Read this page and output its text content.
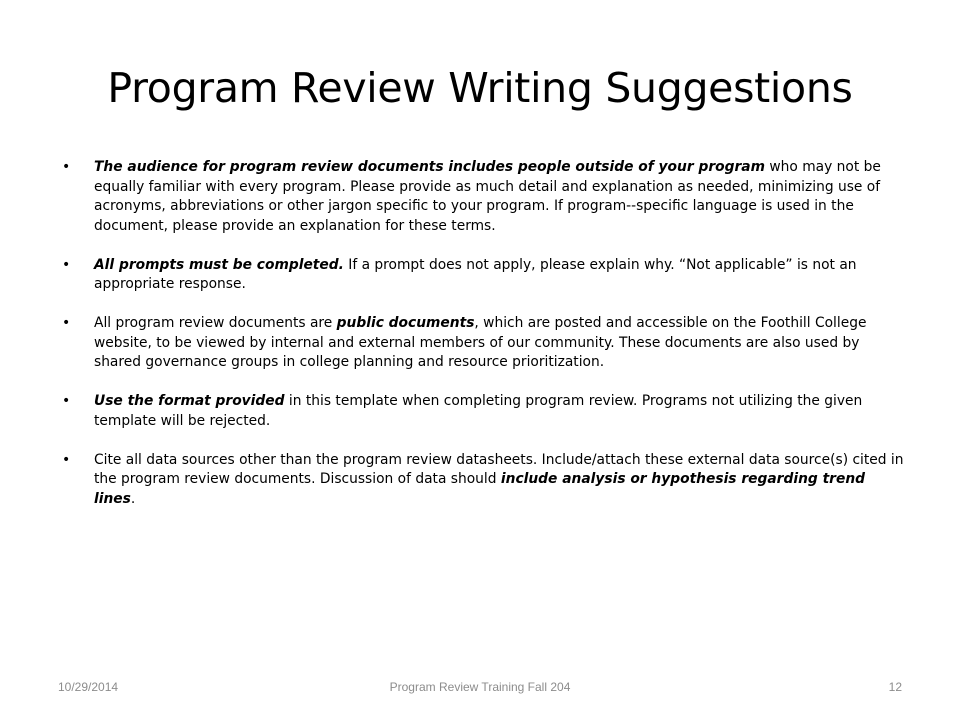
Program Review Writing Suggestions
• The audience for program review documents includes people outside of your program who may not be equally familiar with every program. Please provide as much detail and explanation as needed, minimizing use of acronyms, abbreviations or other jargon specific to your program. If program--specific language is used in the document, please provide an explanation for these terms.
• All prompts must be completed. If a prompt does not apply, please explain why. “Not applicable” is not an appropriate response.
• All program review documents are public documents, which are posted and accessible on the Foothill College website, to be viewed by internal and external members of our community. These documents are also used by shared governance groups in college planning and resource prioritization.
• Use the format provided in this template when completing program review. Programs not utilizing the given template will be rejected.
• Cite all data sources other than the program review datasheets. Include/attach these external data source(s) cited in the program review documents. Discussion of data should include analysis or hypothesis regarding trend lines.
10/29/2014	Program Review Training Fall 204	12
